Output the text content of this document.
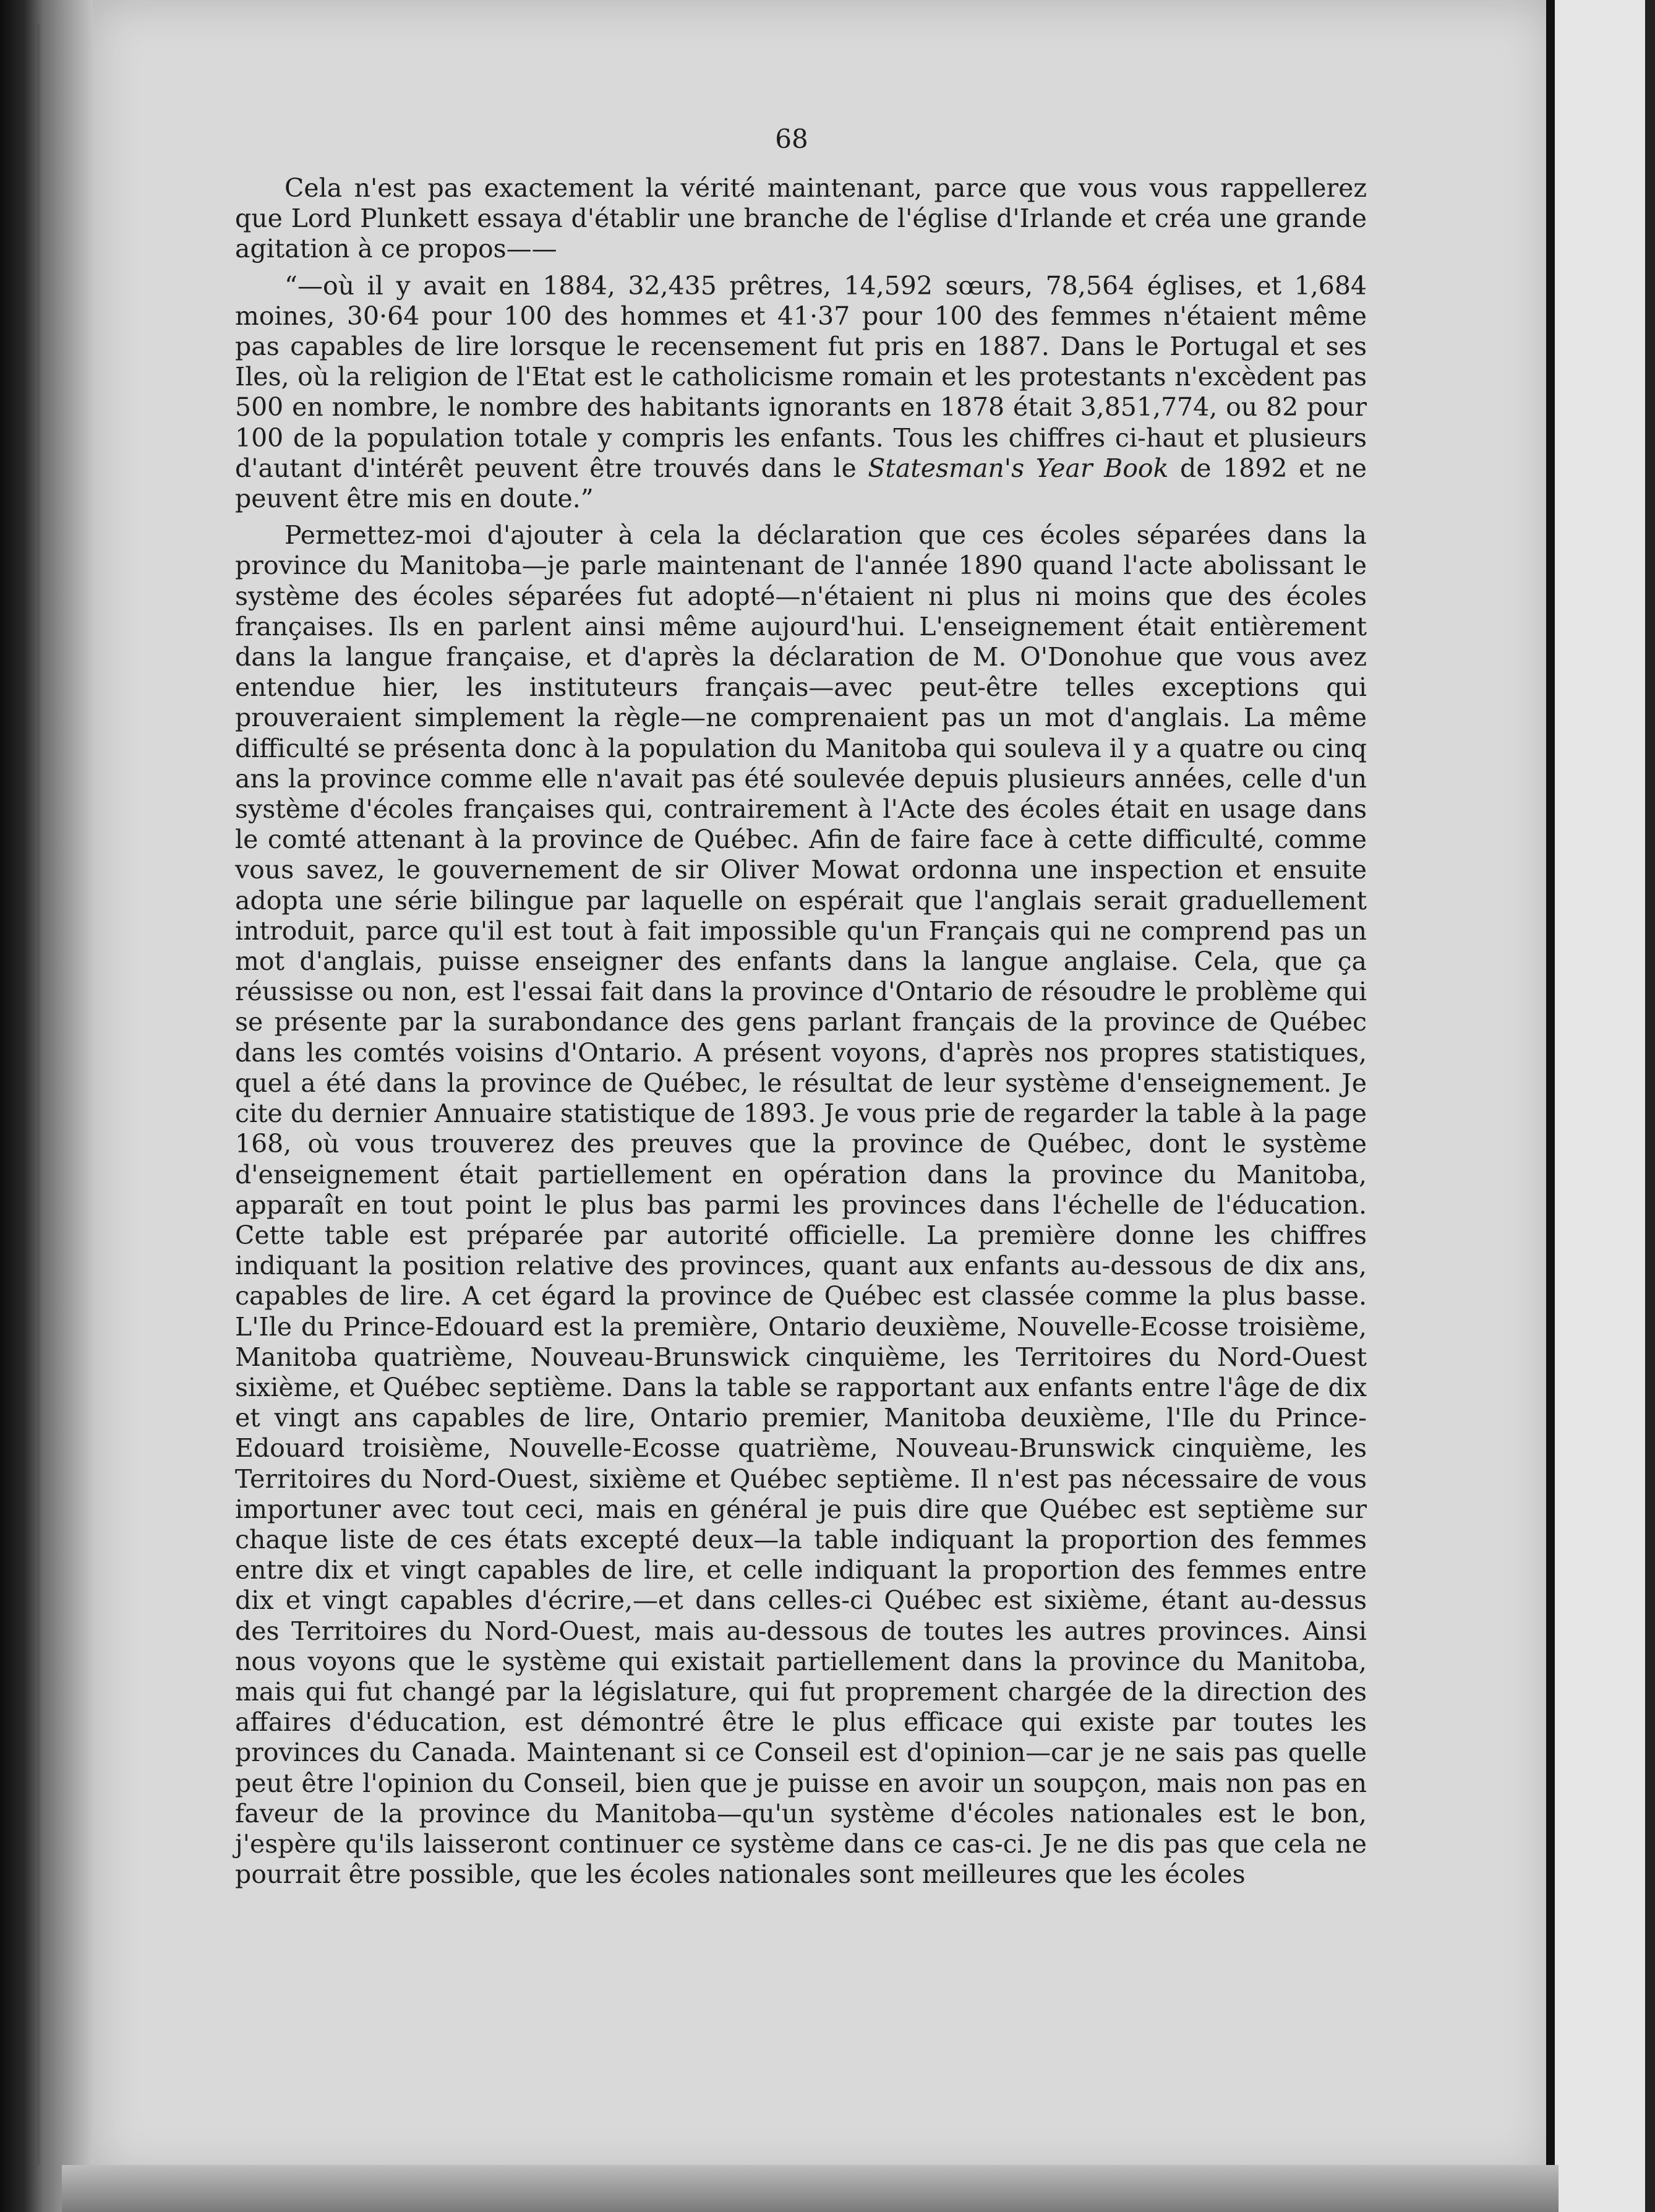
68

Cela n'est pas exactement la vérité maintenant, parce que vous vous rappellerez que Lord Plunkett essaya d'établir une branche de l'église d'Irlande et créa une grande agitation à ce propos——

“—où il y avait en 1884, 32,435 prêtres, 14,592 sœurs, 78,564 églises, et 1,684 moines, 30·64 pour 100 des hommes et 41·37 pour 100 des femmes n'étaient même pas capables de lire lorsque le recensement fut pris en 1887. Dans le Portugal et ses Iles, où la religion de l'Etat est le catholicisme romain et les protestants n'excèdent pas 500 en nombre, le nombre des habitants ignorants en 1878 était 3,851,774, ou 82 pour 100 de la population totale y compris les enfants. Tous les chiffres ci-haut et plusieurs d'autant d'intérêt peuvent être trouvés dans le Statesman's Year Book de 1892 et ne peuvent être mis en doute.”

Permettez-moi d'ajouter à cela la déclaration que ces écoles séparées dans la province du Manitoba—je parle maintenant de l'année 1890 quand l'acte abolissant le système des écoles séparées fut adopté—n'étaient ni plus ni moins que des écoles françaises. Ils en parlent ainsi même aujourd'hui. L'enseignement était entièrement dans la langue française, et d'après la déclaration de M. O'Donohue que vous avez entendue hier, les instituteurs français—avec peut-être telles exceptions qui prouveraient simplement la règle—ne comprenaient pas un mot d'anglais. La même difficulté se présenta donc à la population du Manitoba qui souleva il y a quatre ou cinq ans la province comme elle n'avait pas été soulevée depuis plusieurs années, celle d'un système d'écoles françaises qui, contrairement à l'Acte des écoles était en usage dans le comté attenant à la province de Québec. Afin de faire face à cette difficulté, comme vous savez, le gouvernement de sir Oliver Mowat ordonna une inspection et ensuite adopta une série bilingue par laquelle on espérait que l'anglais serait graduellement introduit, parce qu'il est tout à fait impossible qu'un Français qui ne comprend pas un mot d'anglais, puisse enseigner des enfants dans la langue anglaise. Cela, que ça réussisse ou non, est l'essai fait dans la province d'Ontario de résoudre le problème qui se présente par la surabondance des gens parlant français de la province de Québec dans les comtés voisins d'Ontario. A présent voyons, d'après nos propres statistiques, quel a été dans la province de Québec, le résultat de leur système d'enseignement. Je cite du dernier Annuaire statistique de 1893. Je vous prie de regarder la table à la page 168, où vous trouverez des preuves que la province de Québec, dont le système d'enseignement était partiellement en opération dans la province du Manitoba, apparaît en tout point le plus bas parmi les provinces dans l'échelle de l'éducation. Cette table est préparée par autorité officielle. La première donne les chiffres indiquant la position relative des provinces, quant aux enfants au-dessous de dix ans, capables de lire. A cet égard la province de Québec est classée comme la plus basse. L'Ile du Prince-Edouard est la première, Ontario deuxième, Nouvelle-Ecosse troisième, Manitoba quatrième, Nouveau-Brunswick cinquième, les Territoires du Nord-Ouest sixième, et Québec septième. Dans la table se rapportant aux enfants entre l'âge de dix et vingt ans capables de lire, Ontario premier, Manitoba deuxième, l'Ile du Prince-Edouard troisième, Nouvelle-Ecosse quatrième, Nouveau-Brunswick cinquième, les Territoires du Nord-Ouest, sixième et Québec septième. Il n'est pas nécessaire de vous importuner avec tout ceci, mais en général je puis dire que Québec est septième sur chaque liste de ces états excepté deux—la table indiquant la proportion des femmes entre dix et vingt capables de lire, et celle indiquant la proportion des femmes entre dix et vingt capables d'écrire,—et dans celles-ci Québec est sixième, étant au-dessus des Territoires du Nord-Ouest, mais au-dessous de toutes les autres provinces. Ainsi nous voyons que le système qui existait partiellement dans la province du Manitoba, mais qui fut changé par la législature, qui fut proprement chargée de la direction des affaires d'éducation, est démontré être le plus efficace qui existe par toutes les provinces du Canada. Maintenant si ce Conseil est d'opinion—car je ne sais pas quelle peut être l'opinion du Conseil, bien que je puisse en avoir un soupçon, mais non pas en faveur de la province du Manitoba—qu'un système d'écoles nationales est le bon, j'espère qu'ils laisseront continuer ce système dans ce cas-ci. Je ne dis pas que cela ne pourrait être possible, que les écoles nationales sont meilleures que les écoles
